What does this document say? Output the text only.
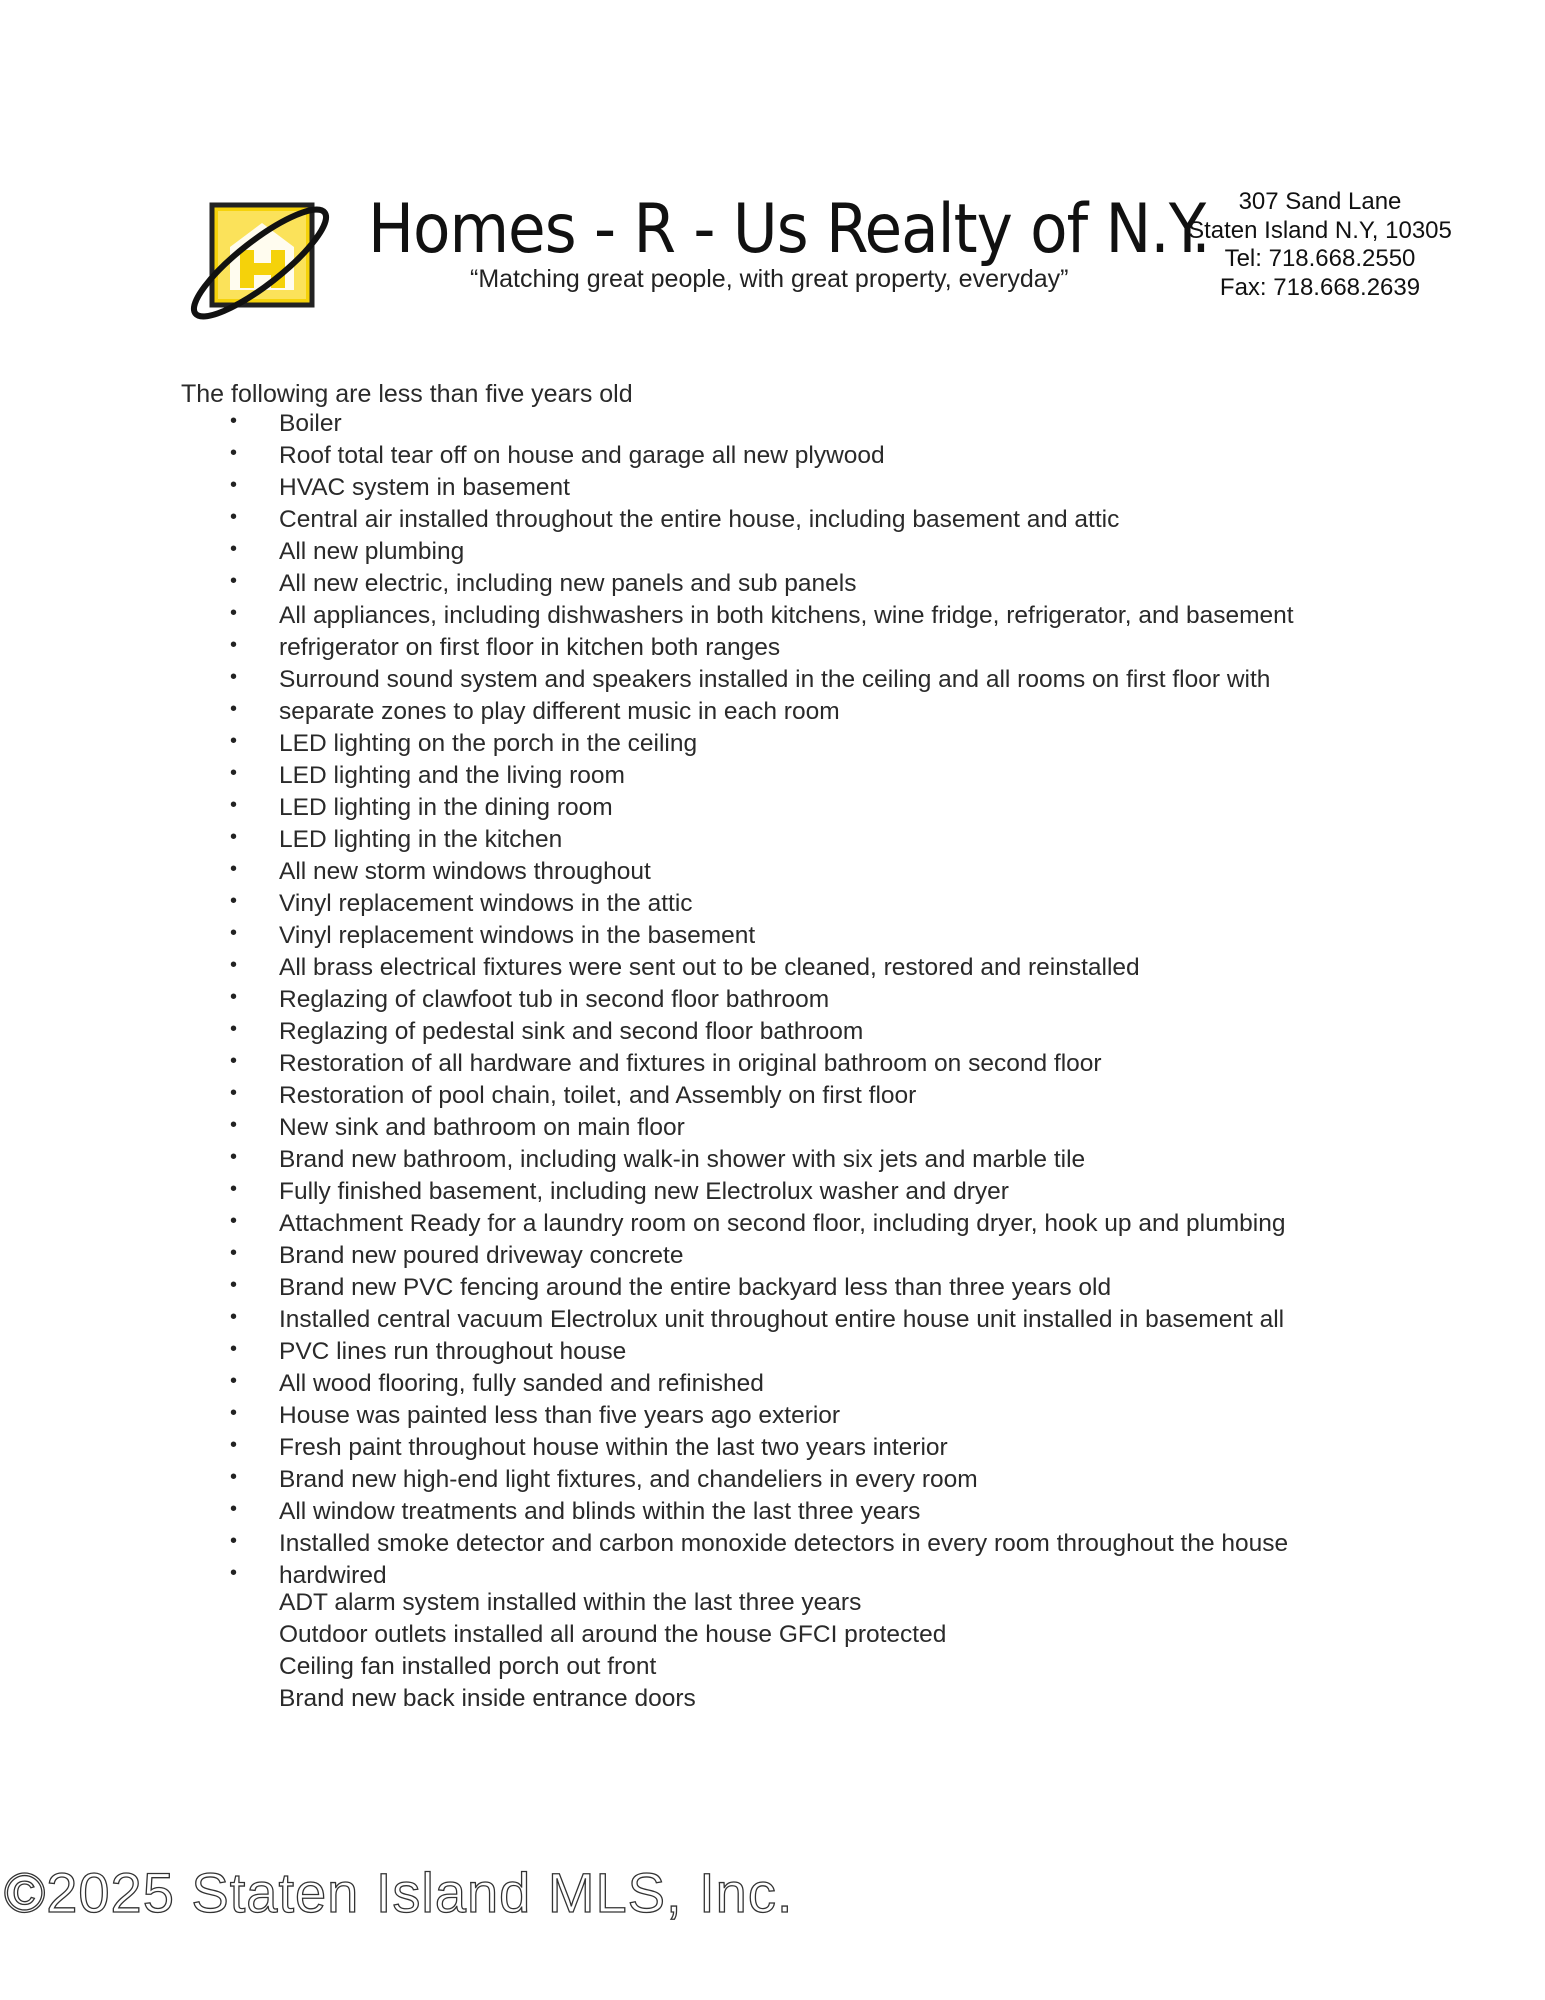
Homes - R - Us Realty of N.Y.
“Matching great people, with great property, everyday”
307 Sand Lane
Staten Island N.Y, 10305
Tel: 718.668.2550
Fax: 718.668.2639
The following are less than five years old
• Boiler
• Roof total tear off on house and garage all new plywood
• HVAC system in basement
• Central air installed throughout the entire house, including basement and attic
• All new plumbing
• All new electric, including new panels and sub panels
• All appliances, including dishwashers in both kitchens, wine fridge, refrigerator, and basement
• refrigerator on first floor in kitchen both ranges
• Surround sound system and speakers installed in the ceiling and all rooms on first floor with
• separate zones to play different music in each room
• LED lighting on the porch in the ceiling
• LED lighting and the living room
• LED lighting in the dining room
• LED lighting in the kitchen
• All new storm windows throughout
• Vinyl replacement windows in the attic
• Vinyl replacement windows in the basement
• All brass electrical fixtures were sent out to be cleaned, restored and reinstalled
• Reglazing of clawfoot tub in second floor bathroom
• Reglazing of pedestal sink and second floor bathroom
• Restoration of all hardware and fixtures in original bathroom on second floor
• Restoration of pool chain, toilet, and Assembly on first floor
• New sink and bathroom on main floor
• Brand new bathroom, including walk-in shower with six jets and marble tile
• Fully finished basement, including new Electrolux washer and dryer
• Attachment Ready for a laundry room on second floor, including dryer, hook up and plumbing
• Brand new poured driveway concrete
• Brand new PVC fencing around the entire backyard less than three years old
• Installed central vacuum Electrolux unit throughout entire house unit installed in basement all
• PVC lines run throughout house
• All wood flooring, fully sanded and refinished
• House was painted less than five years ago exterior
• Fresh paint throughout house within the last two years interior
• Brand new high-end light fixtures, and chandeliers in every room
• All window treatments and blinds within the last three years
• Installed smoke detector and carbon monoxide detectors in every room throughout the house
• hardwired
ADT alarm system installed within the last three years
Outdoor outlets installed all around the house GFCI protected
Ceiling fan installed porch out front
Brand new back inside entrance doors
©2025 Staten Island MLS, Inc.
